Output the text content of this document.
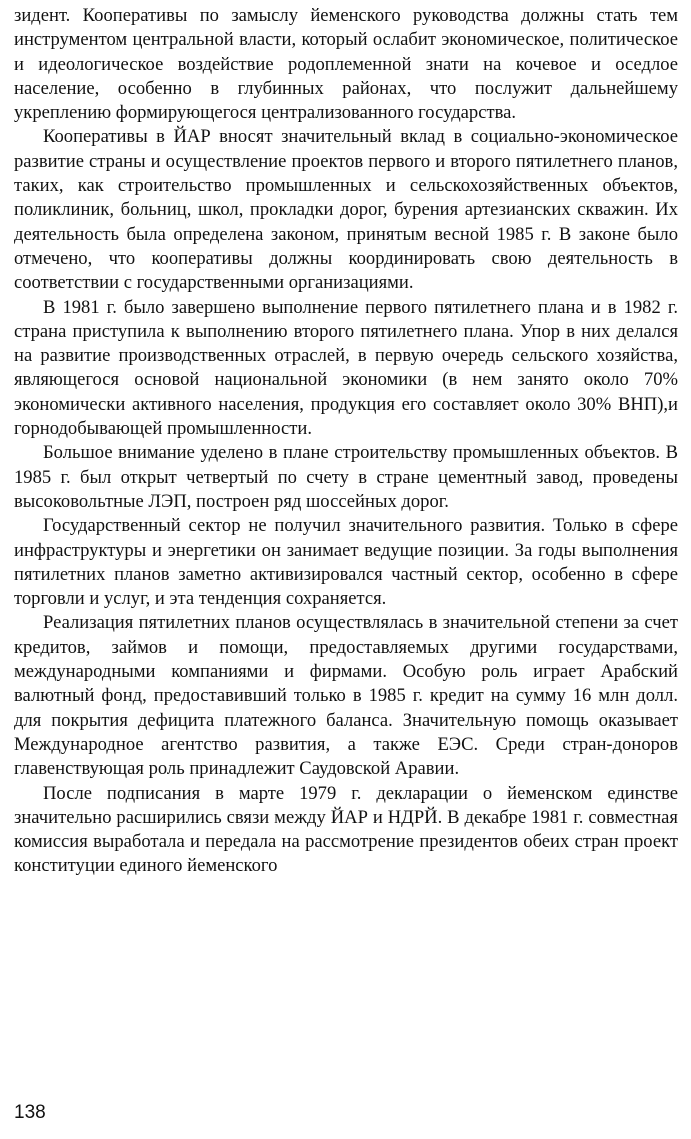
зидент. Кооперативы по замыслу йеменского руководства должны стать тем инструментом центральной власти, который ослабит экономическое, политическое и идеологическое воздействие родоплеменной знати на кочевое и оседлое население, особенно в глубинных районах, что послужит дальнейшему укреплению формирующегося централизованного государства.

Кооперативы в ЙАР вносят значительный вклад в социально-экономическое развитие страны и осуществление проектов первого и второго пятилетнего планов, таких, как строительство промышленных и сельскохозяйственных объектов, поликлиник, больниц, школ, прокладки дорог, бурения артезианских скважин. Их деятельность была определена законом, принятым весной 1985 г. В законе было отмечено, что кооперативы должны координировать свою деятельность в соответствии с государственными организациями.

В 1981 г. было завершено выполнение первого пятилетнего плана и в 1982 г. страна приступила к выполнению второго пятилетнего плана. Упор в них делался на развитие производственных отраслей, в первую очередь сельского хозяйства, являющегося основой национальной экономики (в нем занято около 70% экономически активного населения, продукция его составляет около 30% ВНП),и горнодобывающей промышленности.

Большое внимание уделено в плане строительству промышленных объектов. В 1985 г. был открыт четвертый по счету в стране цементный завод, проведены высоковольтные ЛЭП, построен ряд шоссейных дорог.

Государственный сектор не получил значительного развития. Только в сфере инфраструктуры и энергетики он занимает ведущие позиции. За годы выполнения пятилетних планов заметно активизировался частный сектор, особенно в сфере торговли и услуг, и эта тенденция сохраняется.

Реализация пятилетних планов осуществлялась в значительной степени за счет кредитов, займов и помощи, предоставляемых другими государствами, международными компаниями и фирмами. Особую роль играет Арабский валютный фонд, предоставивший только в 1985 г. кредит на сумму 16 млн долл. для покрытия дефицита платежного баланса. Значительную помощь оказывает Международное агентство развития, а также ЕЭС. Среди стран-доноров главенствующая роль принадлежит Саудовской Аравии.

После подписания в марте 1979 г. декларации о йеменском единстве значительно расширились связи между ЙАР и НДРЙ. В декабре 1981 г. совместная комиссия выработала и передала на рассмотрение президентов обеих стран проект конституции единого йеменского

138
